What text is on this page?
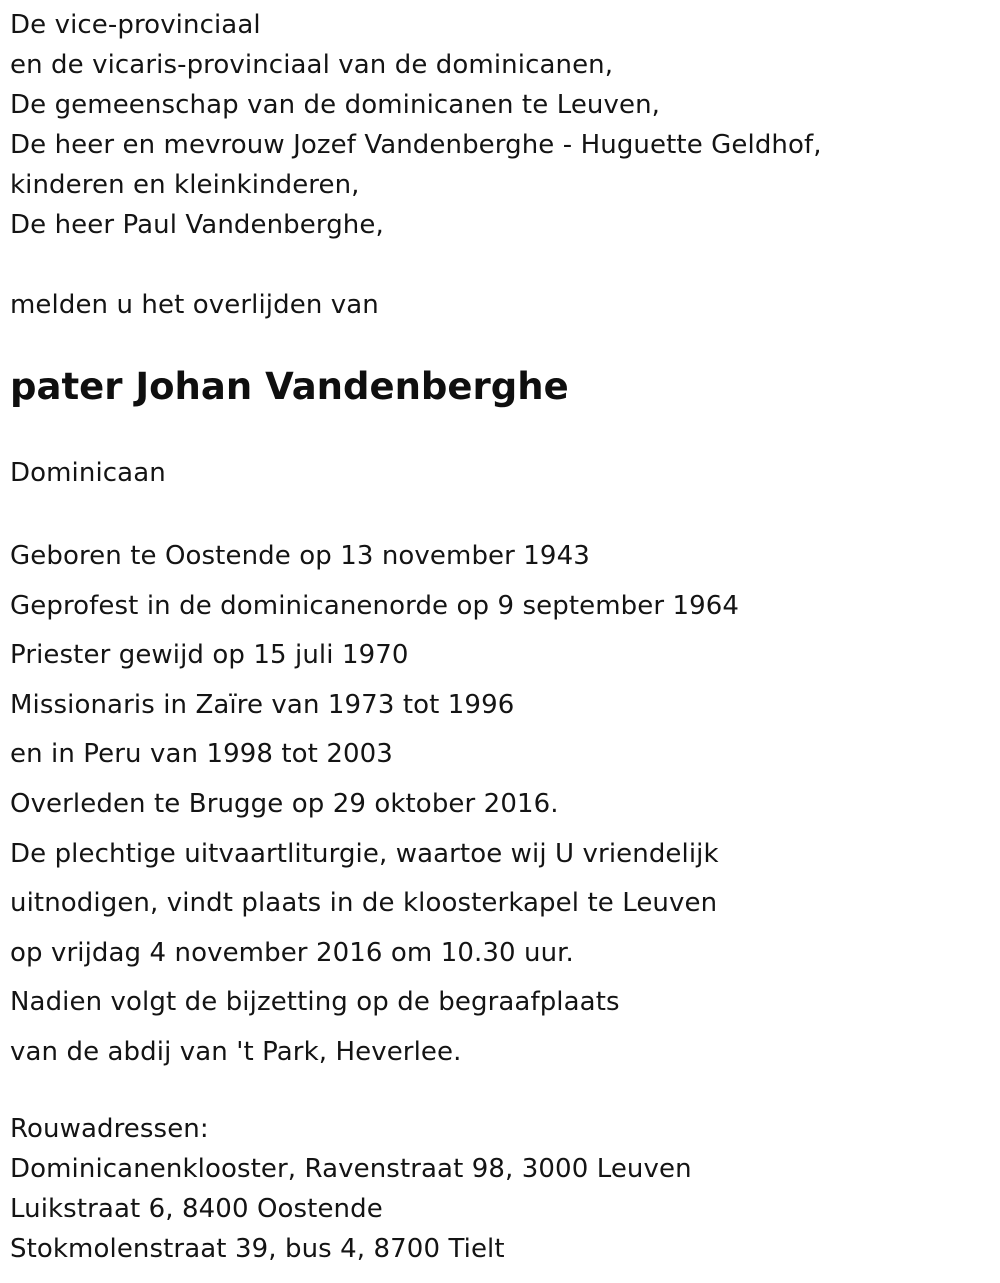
De vice-provinciaal
en de vicaris-provinciaal van de dominicanen,
De gemeenschap van de dominicanen te Leuven,
De heer en mevrouw Jozef Vandenberghe - Huguette Geldhof,
kinderen en kleinkinderen,
De heer Paul Vandenberghe,
melden u het overlijden van
pater Johan Vandenberghe
Dominicaan
Geboren te Oostende op 13 november 1943
Geprofest in de dominicanenorde op 9 september 1964
Priester gewijd op 15 juli 1970
Missionaris in Zaïre van 1973 tot 1996
en in Peru van 1998 tot 2003
Overleden te Brugge op 29 oktober 2016.
De plechtige uitvaartliturgie, waartoe wij U vriendelijk
uitnodigen, vindt plaats in de kloosterkapel te Leuven
op vrijdag 4 november 2016 om 10.30 uur.
Nadien volgt de bijzetting op de begraafplaats
van de abdij van 't Park, Heverlee.
Rouwadressen:
Dominicanenklooster, Ravenstraat 98, 3000 Leuven
Luikstraat 6, 8400 Oostende
Stokmolenstraat 39, bus 4, 8700 Tielt
